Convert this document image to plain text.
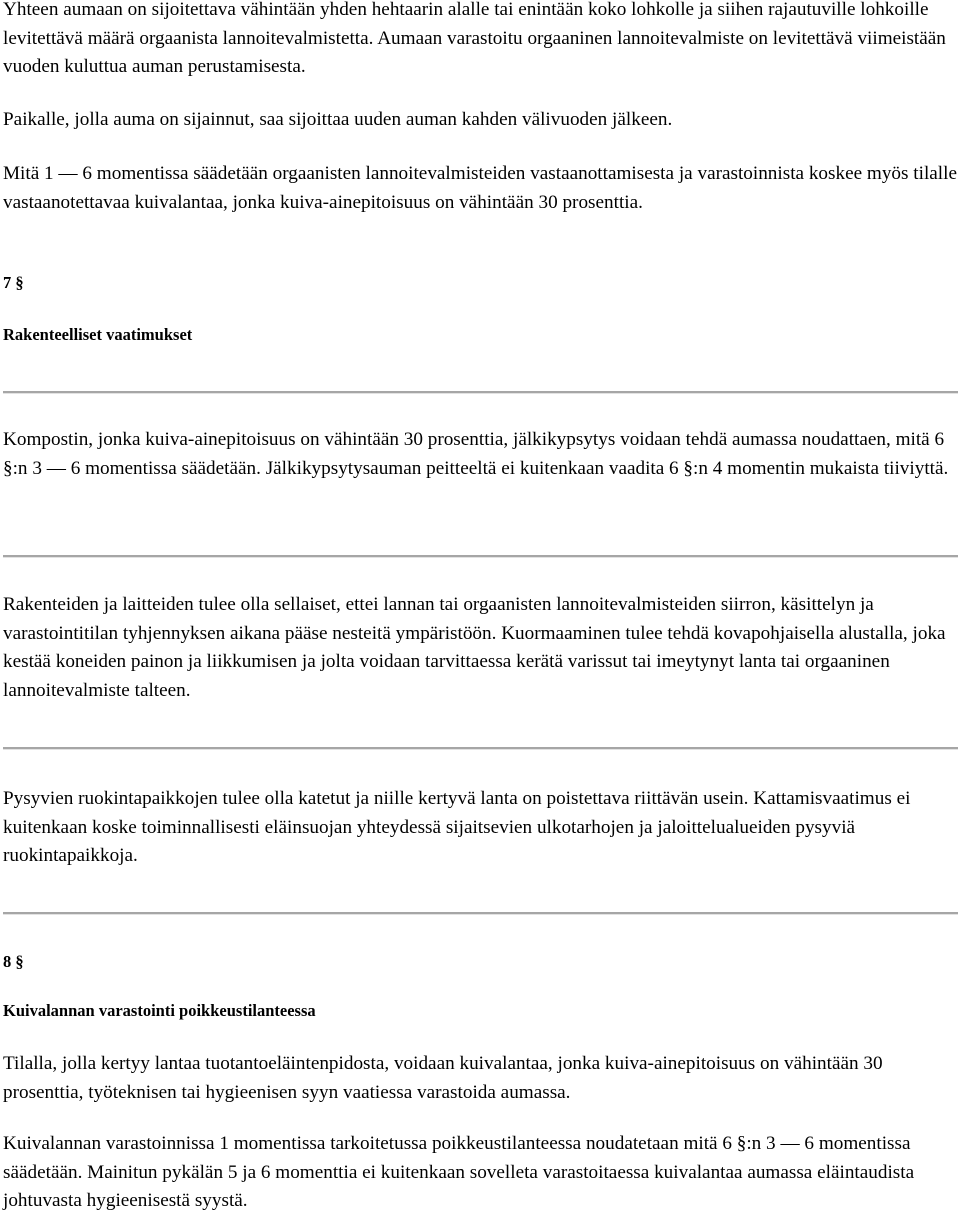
Yhteen aumaan on sijoitettava vähintään yhden hehtaarin alalle tai enintään koko lohkolle ja siihen rajautuville lohkoille levitettävä määrä orgaanista lannoitevalmistetta. Aumaan varastoitu orgaaninen lannoitevalmiste on levitettävä viimeistään vuoden kuluttua auman perustamisesta.

Paikalle, jolla auma on sijainnut, saa sijoittaa uuden auman kahden välivuoden jälkeen.

Mitä 1 — 6 momentissa säädetään orgaanisten lannoitevalmisteiden vastaanottamisesta ja varastoinnista koskee myös tilalle vastaanotettavaa kuivalantaa, jonka kuiva-ainepitoisuus on vähintään 30 prosenttia.

7 §

Rakenteelliset vaatimukset

Kompostin, jonka kuiva-ainepitoisuus on vähintään 30 prosenttia, jälkikypsytys voidaan tehdä aumassa noudattaen, mitä 6 §:n 3 — 6 momentissa säädetään. Jälkikypsytysauman peitteeltä ei kuitenkaan vaadita 6 §:n 4 momentin mukaista tiiviyttä.

Rakenteiden ja laitteiden tulee olla sellaiset, ettei lannan tai orgaanisten lannoitevalmisteiden siirron, käsittelyn ja varastointitilan tyhjennyksen aikana pääse nesteitä ympäristöön. Kuormaaminen tulee tehdä kovapohjaisella alustalla, joka kestää koneiden painon ja liikkumisen ja jolta voidaan tarvittaessa kerätä varissut tai imeytynyt lanta tai orgaaninen lannoitevalmiste talteen.

Pysyvien ruokintapaikkojen tulee olla katetut ja niille kertyvä lanta on poistettava riittävän usein. Kattamisvaatimus ei kuitenkaan koske toiminnallisesti eläinsuojan yhteydessä sijaitsevien ulkotarhojen ja jaloittelualueiden pysyviä ruokintapaikkoja.

8 §

Kuivalannan varastointi poikkeustilanteessa

Tilalla, jolla kertyy lantaa tuotantoeläintenpidosta, voidaan kuivalantaa, jonka kuiva-ainepitoisuus on vähintään 30 prosenttia, työteknisen tai hygieenisen syyn vaatiessa varastoida aumassa.

Kuivalannan varastoinnissa 1 momentissa tarkoitetussa poikkeustilanteessa noudatetaan mitä 6 §:n 3 — 6 momentissa säädetään. Mainitun pykälän 5 ja 6 momenttia ei kuitenkaan sovelleta varastoitaessa kuivalantaa aumassa eläintaudista johtuvasta hygieenisestä syystä.
